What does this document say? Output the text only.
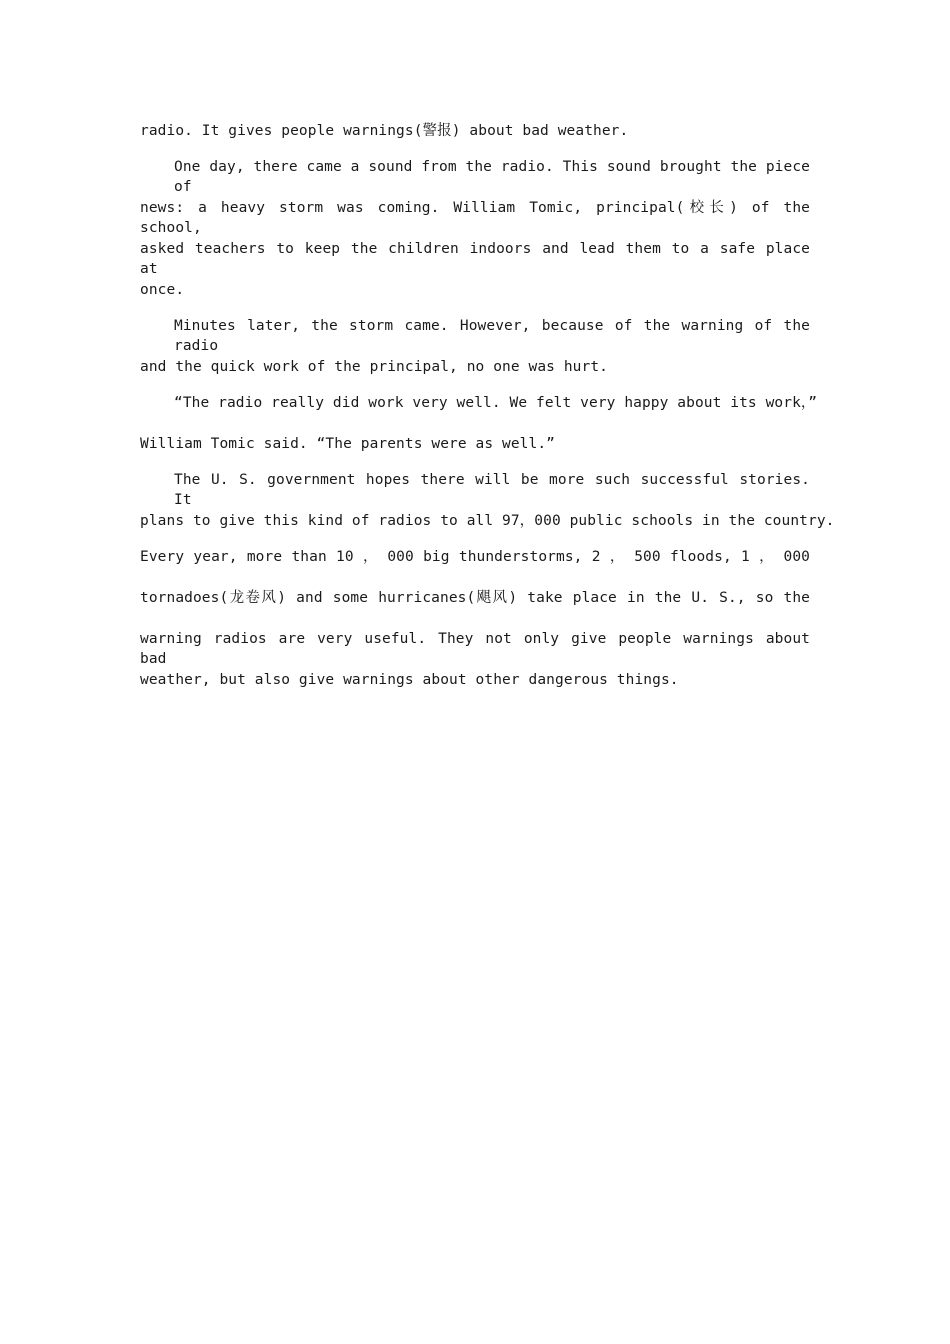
radio. It gives people warnings(警报) about bad weather.
One day, there came a sound from the radio. This sound brought the piece of
news: a heavy storm was coming. William Tomic, principal(校长) of the school,
asked teachers to keep the children indoors and lead them to a safe place at
once.
Minutes later, the storm came. However, because of the warning of the radio
and the quick work of the principal, no one was hurt.
“The radio really did work very well. We felt very happy about its work，”
William Tomic said. “The parents were as well.”
The U. S. government hopes there will be more such successful stories. It
plans to give this kind of radios to all 97，000 public schools in the country.
Every year, more than 10 ， 000 big thunderstorms, 2 ， 500 floods, 1 ， 000
tornadoes(龙卷风) and some hurricanes(飓风) take place in the U. S., so the
warning radios are very useful. They not only give people warnings about bad
weather, but also give warnings about other dangerous things.
